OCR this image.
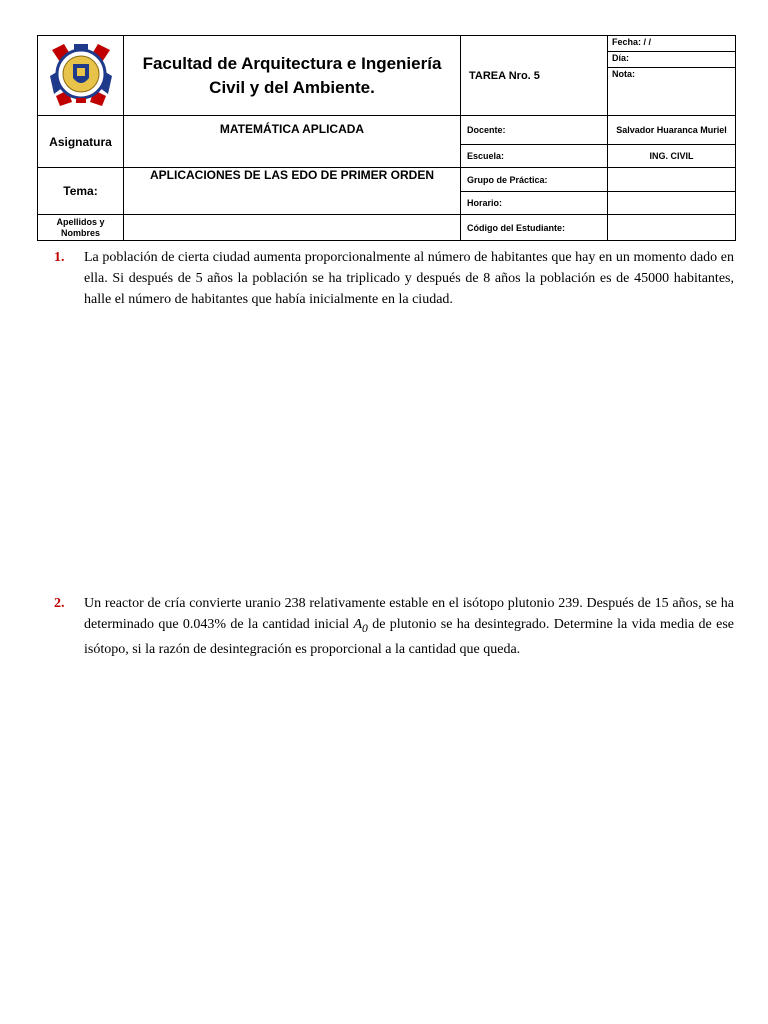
	Facultad de Arquitectura e Ingeniería Civil y del Ambiente.	TAREA Nro. 5	Fecha: / /
			Día:
			Nota:
Asignatura	MATEMÁTICA APLICADA	Docente:	Salvador Huaranca Muriel
		Escuela:	ING. CIVIL
Tema:	APLICACIONES DE LAS EDO DE PRIMER ORDEN	Grupo de Práctica:	
		Horario:	
Apellidos y Nombres		Código del Estudiante:	
1. La población de cierta ciudad aumenta proporcionalmente al número de habitantes que hay en un momento dado en ella. Si después de 5 años la población se ha triplicado y después de 8 años la población es de 45000 habitantes, halle el número de habitantes que había inicialmente en la ciudad.
2. Un reactor de cría convierte uranio 238 relativamente estable en el isótopo plutonio 239. Después de 15 años, se ha determinado que 0.043% de la cantidad inicial $A_0$ de plutonio se ha desintegrado. Determine la vida media de ese isótopo, si la razón de desintegración es proporcional a la cantidad que queda.
